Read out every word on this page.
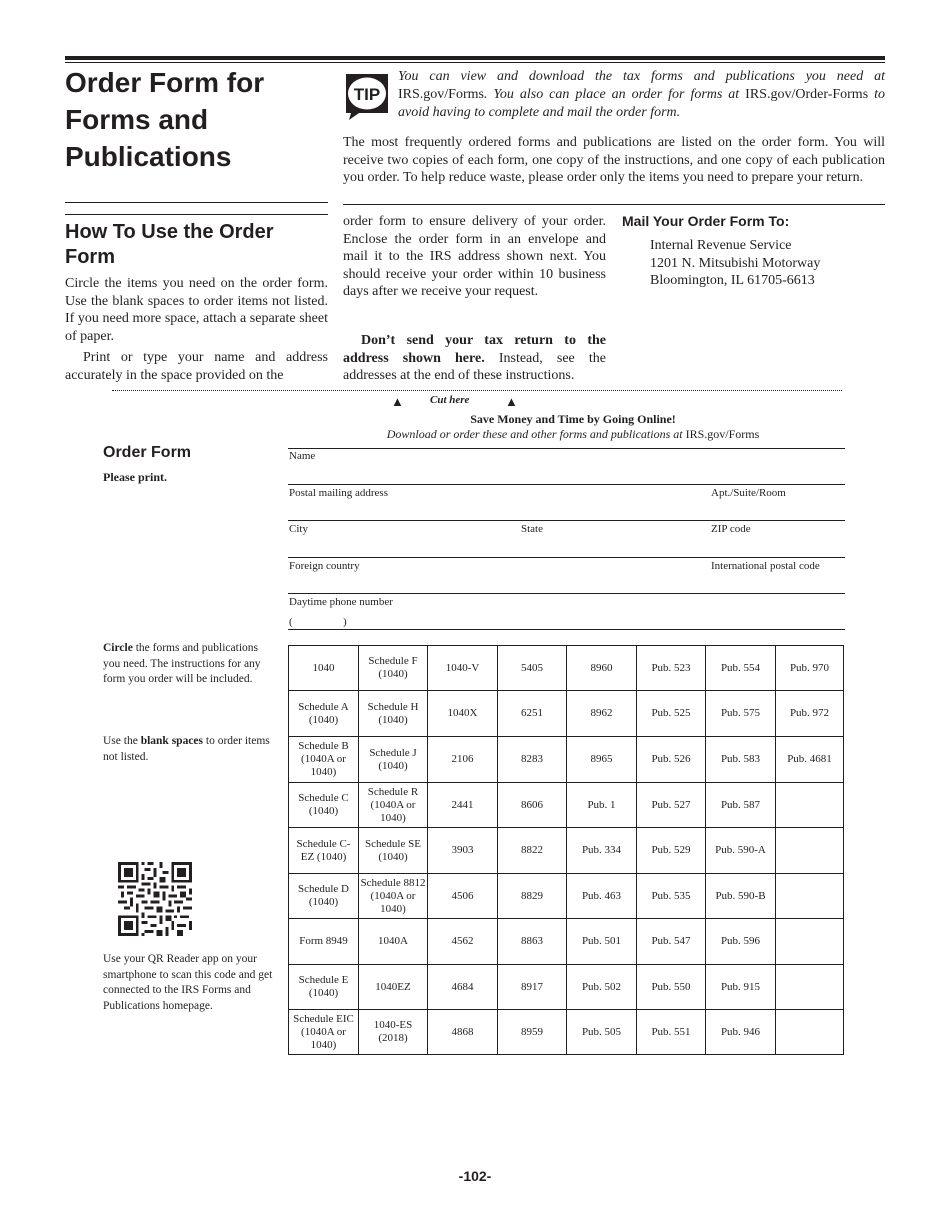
Order Form for Forms and Publications
TIP
You can view and download the tax forms and publications you need at IRS.gov/Forms. You also can place an order for forms at IRS.gov/Order-Forms to avoid having to complete and mail the order form.
The most frequently ordered forms and publications are listed on the order form. You will receive two copies of each form, one copy of the instructions, and one copy of each publication you order. To help reduce waste, please order only the items you need to prepare your return.
How To Use the Order Form
Circle the items you need on the order form. Use the blank spaces to order items not listed. If you need more space, attach a separate sheet of paper.
Print or type your name and address accurately in the space provided on the
order form to ensure delivery of your order. Enclose the order form in an envelope and mail it to the IRS address shown next. You should receive your order within 10 business days after we receive your request.
Don’t send your tax return to the address shown here. Instead, see the addresses at the end of these instructions.
Mail Your Order Form To:
Internal Revenue Service
1201 N. Mitsubishi Motorway
Bloomington, IL 61705-6613
▲ Cut here	▲
Save Money and Time by Going Online!
Download or order these and other forms and publications at IRS.gov/Forms
Order Form
Please print.
Name
Postal mailing address	Apt./Suite/Room
City	State	ZIP code
Foreign country	International postal code
Daytime phone number
(	)
Circle the forms and publications you need. The instructions for any form you order will be included.
Use the blank spaces to order items not listed.
Use your QR Reader app on your smartphone to scan this code and get connected to the IRS Forms and Publications homepage.
1040	Schedule F (1040)	1040-V	5405	8960	Pub. 523	Pub. 554	Pub. 970
Schedule A (1040)	Schedule H (1040)	1040X	6251	8962	Pub. 525	Pub. 575	Pub. 972
Schedule B (1040A or 1040)	Schedule J (1040)	2106	8283	8965	Pub. 526	Pub. 583	Pub. 4681
Schedule C (1040)	Schedule R (1040A or 1040)	2441	8606	Pub. 1	Pub. 527	Pub. 587	
Schedule C-EZ (1040)	Schedule SE (1040)	3903	8822	Pub. 334	Pub. 529	Pub. 590-A	
Schedule D (1040)	Schedule 8812 (1040A or 1040)	4506	8829	Pub. 463	Pub. 535	Pub. 590-B	
Form 8949	1040A	4562	8863	Pub. 501	Pub. 547	Pub. 596	
Schedule E (1040)	1040EZ	4684	8917	Pub. 502	Pub. 550	Pub. 915	
Schedule EIC (1040A or 1040)	1040-ES (2018)	4868	8959	Pub. 505	Pub. 551	Pub. 946	
-102-
